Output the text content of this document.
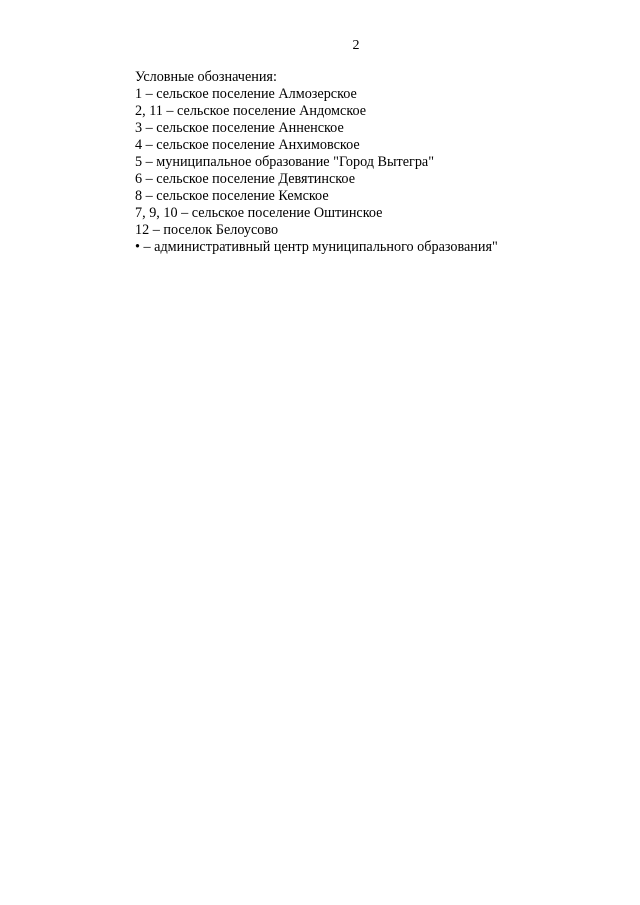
2
Условные обозначения:
1 – сельское поселение Алмозерское
2, 11 – сельское поселение Андомское
3 – сельское поселение Анненское
4 – сельское поселение Анхимовское
5 – муниципальное образование "Город Вытегра"
6 – сельское поселение Девятинское
8 – сельское поселение Кемское
7, 9, 10 – сельское поселение Оштинское
12 – поселок Белоусово
• – административный центр муниципального образования"
